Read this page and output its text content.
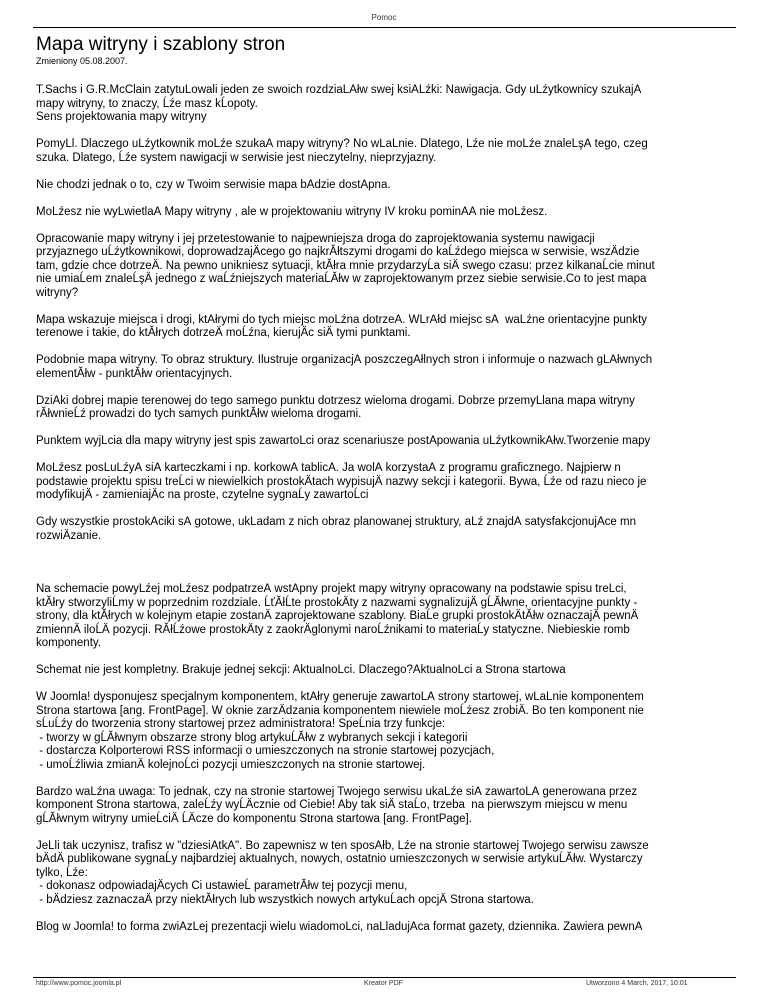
Pomoc
Mapa witryny i szablony stron
Zmieniony 05.08.2007.

T.Sachs i G.R.McClain zatytuĹowali jeden ze swoich rozdziaĹĂłw swej ksiÄĹźki: Nawigacja. Gdy uĹźytkownicy szukajÄ
mapy witryny, to znaczy, Ĺźe masz kĹopoty.
Sens projektowania mapy witryny

PomyĹl. Dlaczego uĹźytkownik moĹźe szukaÄ mapy witryny? No wĹaĹnie. Dlatego, Ĺźe nie moĹźe znaleĹşÄ tego, czeg
szuka. Dlatego, Ĺźe system nawigacji w serwisie jest nieczytelny, nieprzyjazny.

Nie chodzi jednak o to, czy w Twoim serwisie mapa bÄdzie dostÄpna.

MoĹźesz nie wyĹwietlaÄ Mapy witryny , ale w projektowaniu witryny IV kroku pominÄÄ nie moĹźesz.

Opracowanie mapy witryny i jej przetestowanie to najpewniejsza droga do zaprojektowania systemu nawigacji
przyjaznego uĹźytkownikowi, doprowadzajÄcego go najkrĂłtszymi drogami do kaĹźdego miejsca w serwisie, wszÄdzie
tam, gdzie chce dotrzeÄ. Na pewno unikniesz sytuacji, ktĂłra mnie przydarzyĹa siÄ swego czasu: przez kilkanaĹcie minut
nie umiaĹem znaleĹşÄ jednego z waĹźniejszych materiaĹĂłw w zaprojektowanym przez siebie serwisie.Co to jest mapa
witryny?

Mapa wskazuje miejsca i drogi, ktĂłrymi do tych miejsc moĹźna dotrzeÄ. WĹrĂłd miejsc sÄ  waĹźne orientacyjne punkty
terenowe i takie, do ktĂłrych dotrzeÄ moĹźna, kierujÄc siÄ tymi punktami.

Podobnie mapa witryny. To obraz struktury. Ilustruje organizacjÄ poszczegĂłlnych stron i informuje o nazwach gĹĂłwnych
elementĂłw - punktĂłw orientacyjnych.

DziÄki dobrej mapie terenowej do tego samego punktu dotrzesz wieloma drogami. Dobrze przemyĹlana mapa witryny
rĂłwnieĹź prowadzi do tych samych punktĂłw wieloma drogami.

Punktem wyjĹcia dla mapy witryny jest spis zawartoĹci oraz scenariusze postÄpowania uĹźytkownikĂłw.Tworzenie mapy

MoĹźesz posĹuĹźyÄ siÄ karteczkami i np. korkowÄ tablicÄ. Ja wolÄ korzystaÄ z programu graficznego. Najpierw n
podstawie projektu spisu treĹci w niewielkich prostokÄtach wypisujÄ nazwy sekcji i kategorii. Bywa, Ĺźe od razu nieco je
modyfikujÄ - zamieniajÄc na proste, czytelne sygnaĹy zawartoĹci

Gdy wszystkie prostokÄciki sÄ gotowe, ukĹadam z nich obraz planowanej struktury, aĹź znajdÄ satysfakcjonujÄce mn
rozwiÄzanie.

Na schemacie powyĹźej moĹźesz podpatrzeÄ wstÄpny projekt mapy witryny opracowany na podstawie spisu treĹci,
ktĂłry stworzyliĹmy w poprzednim rozdziale. ĹťĂłĹte prostokÄty z nazwami sygnalizujÄ gĹĂłwne, orientacyjne punkty -
strony, dla ktĂłrych w kolejnym etapie zostanÄ zaprojektowane szablony. BiaĹe grupki prostokÄtĂłw oznaczajÄ pewnÄ
zmiennÄ iloĹÄ pozycji. RĂłĹźowe prostokÄty z zaokrÄglonymi naroĹźnikami to materiaĹy statyczne. Niebieskie romb
komponenty.

Schemat nie jest kompletny. Brakuje jednej sekcji: AktualnoĹci. Dlaczego?AktualnoĹci a Strona startowa

W Joomla! dysponujesz specjalnym komponentem, ktĂłry generuje zawartoĹÄ strony startowej, wĹaĹnie komponentem
Strona startowa [ang. FrontPage]. W oknie zarzÄdzania komponentem niewiele moĹźesz zrobiÄ. Bo ten komponent nie
sĹuĹźy do tworzenia strony startowej przez administratora! SpeĹnia trzy funkcje:
- tworzy w gĹĂłwnym obszarze strony blog artykuĹĂłw z wybranych sekcji i kategorii
- dostarcza Kolporterowi RSS informacji o umieszczonych na stronie startowej pozycjach,
- umoĹźliwia zmianÄ kolejnoĹci pozycji umieszczonych na stronie startowej.

Bardzo waĹźna uwaga: To jednak, czy na stronie startowej Twojego serwisu ukaĹźe siÄ zawartoĹÄ generowana przez
komponent Strona startowa, zaleĹźy wyĹÄcznie od Ciebie! Aby tak siÄ staĹo, trzeba  na pierwszym miejscu w menu
gĹĂłwnym witryny umieĹciÄ ĹÄcze do komponentu Strona startowa [ang. FrontPage].

JeĹli tak uczynisz, trafisz w "dziesiÄtkÄ". Bo zapewnisz w ten sposĂłb, Ĺźe na stronie startowej Twojego serwisu zawsze
bÄdÄ publikowane sygnaĹy najbardziej aktualnych, nowych, ostatnio umieszczonych w serwisie artykuĹĂłw. Wystarczy
tylko, Ĺźe:
- dokonasz odpowiadajÄcych Ci ustawieĹ parametrĂłw tej pozycji menu,
- bÄdziesz zaznaczaÄ przy niektĂłrych lub wszystkich nowych artykuĹach opcjÄ Strona startowa.

Blog w Joomla! to forma zwiÄzĹej prezentacji wielu wiadomoĹci, naĹladujÄca format gazety, dziennika. Zawiera pewnÄ

http://www.pomoc.joomla.pl	Kreator PDF	Utworzono 4 March, 2017, 10:01
